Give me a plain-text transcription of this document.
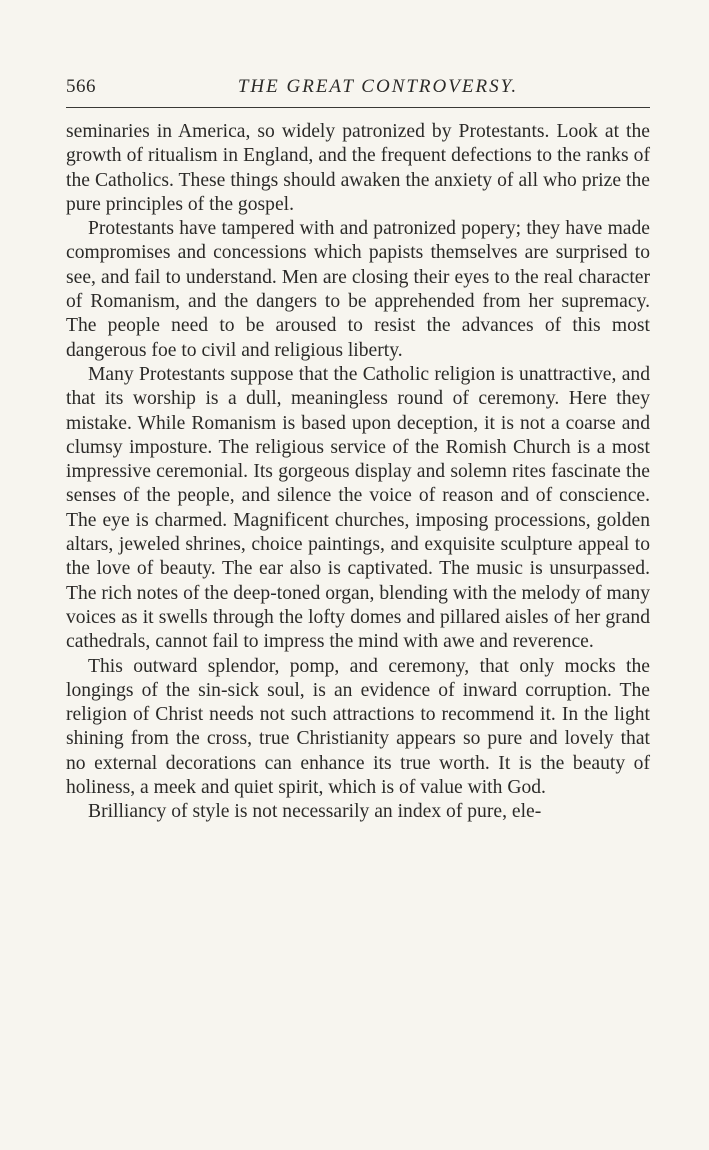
566	THE GREAT CONTROVERSY.

seminaries in America, so widely patronized by Protestants. Look at the growth of ritualism in England, and the frequent defections to the ranks of the Catholics. These things should awaken the anxiety of all who prize the pure principles of the gospel.

Protestants have tampered with and patronized popery; they have made compromises and concessions which papists themselves are surprised to see, and fail to understand. Men are closing their eyes to the real character of Romanism, and the dangers to be apprehended from her supremacy. The people need to be aroused to resist the advances of this most dangerous foe to civil and religious liberty.

Many Protestants suppose that the Catholic religion is unattractive, and that its worship is a dull, meaningless round of ceremony. Here they mistake. While Romanism is based upon deception, it is not a coarse and clumsy imposture. The religious service of the Romish Church is a most impressive ceremonial. Its gorgeous display and solemn rites fascinate the senses of the people, and silence the voice of reason and of conscience. The eye is charmed. Magnificent churches, imposing processions, golden altars, jeweled shrines, choice paintings, and exquisite sculpture appeal to the love of beauty. The ear also is captivated. The music is unsurpassed. The rich notes of the deep-toned organ, blending with the melody of many voices as it swells through the lofty domes and pillared aisles of her grand cathedrals, cannot fail to impress the mind with awe and reverence.

This outward splendor, pomp, and ceremony, that only mocks the longings of the sin-sick soul, is an evidence of inward corruption. The religion of Christ needs not such attractions to recommend it. In the light shining from the cross, true Christianity appears so pure and lovely that no external decorations can enhance its true worth. It is the beauty of holiness, a meek and quiet spirit, which is of value with God.

Brilliancy of style is not necessarily an index of pure, ele-
